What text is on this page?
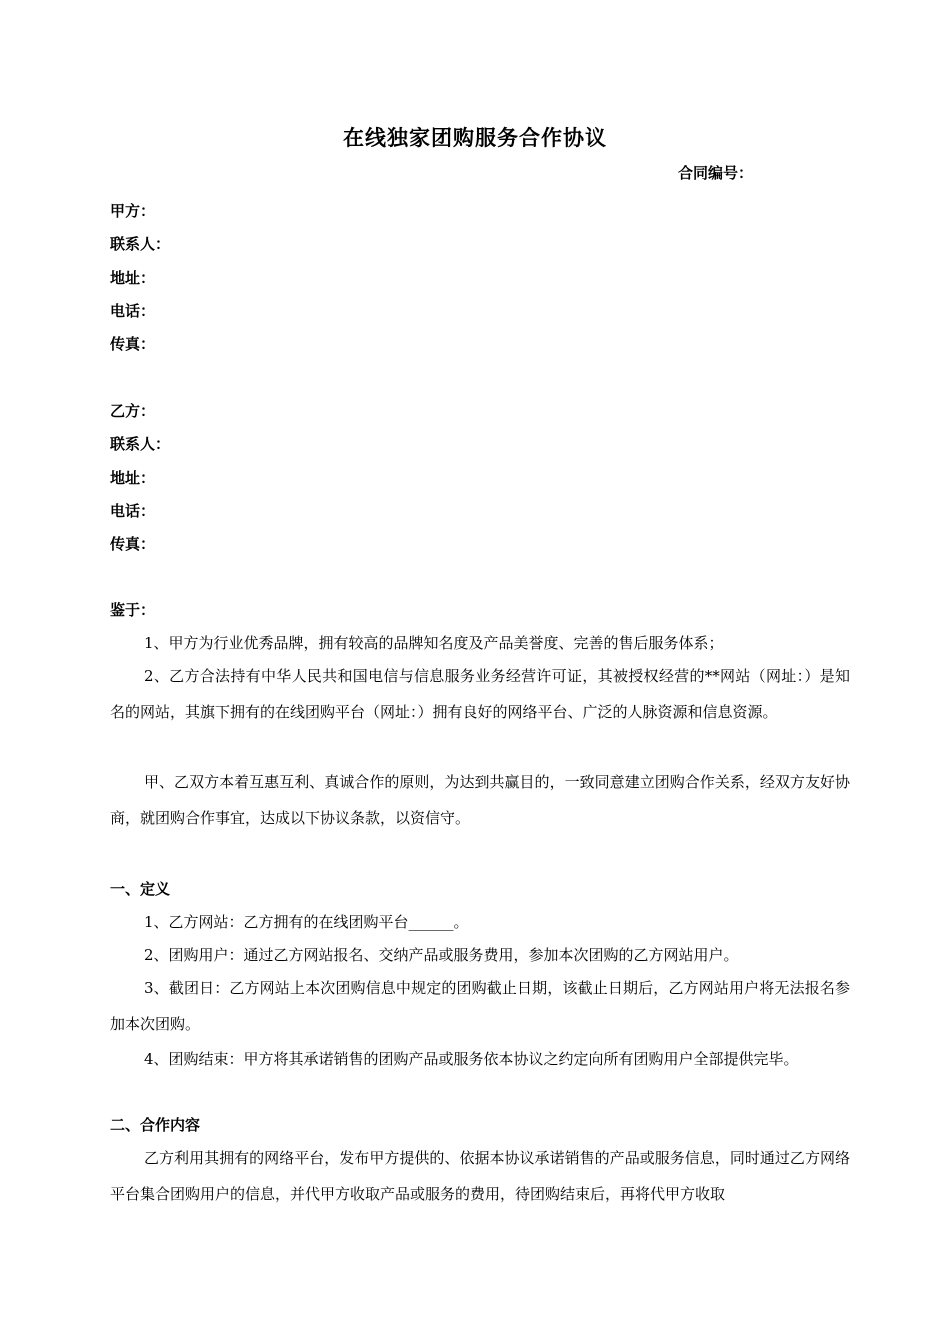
在线独家团购服务合作协议
合同编号：
甲方：
联系人：
地址：
电话：
传真：
乙方：
联系人：
地址：
电话：
传真：
鉴于：
1、甲方为行业优秀品牌，拥有较高的品牌知名度及产品美誉度、完善的售后服务体系；
2、乙方合法持有中华人民共和国电信与信息服务业务经营许可证，其被授权经营的**网站（网址：）是知名的网站，其旗下拥有的在线团购平台（网址：）拥有良好的网络平台、广泛的人脉资源和信息资源。
甲、乙双方本着互惠互利、真诚合作的原则，为达到共赢目的，一致同意建立团购合作关系，经双方友好协商，就团购合作事宜，达成以下协议条款，以资信守。
一、定义
1、乙方网站：乙方拥有的在线团购平台______。
2、团购用户：通过乙方网站报名、交纳产品或服务费用，参加本次团购的乙方网站用户。
3、截团日：乙方网站上本次团购信息中规定的团购截止日期，该截止日期后，乙方网站用户将无法报名参加本次团购。
4、团购结束：甲方将其承诺销售的团购产品或服务依本协议之约定向所有团购用户全部提供完毕。
二、合作内容
乙方利用其拥有的网络平台，发布甲方提供的、依据本协议承诺销售的产品或服务信息，同时通过乙方网络平台集合团购用户的信息，并代甲方收取产品或服务的费用，待团购结束后，再将代甲方收取
